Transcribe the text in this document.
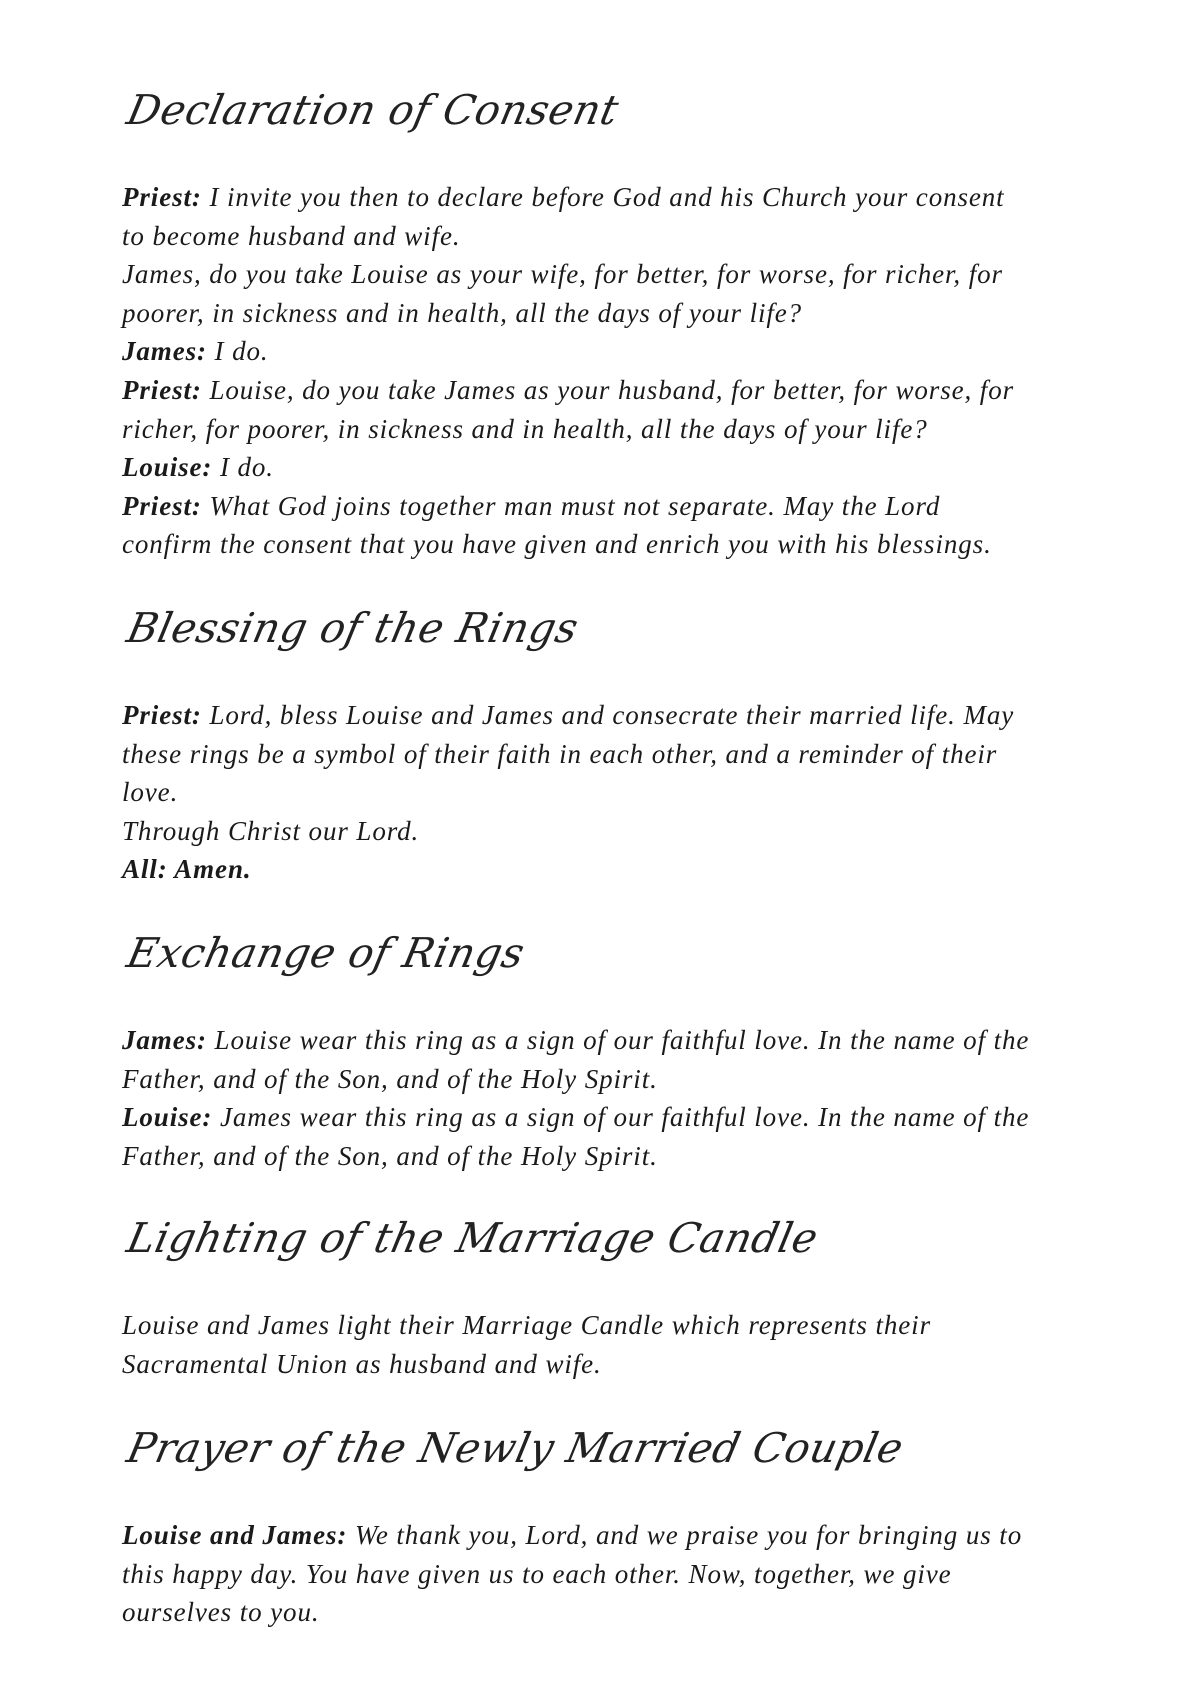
Declaration of Consent
Priest: I invite you then to declare before God and his Church your consent
to become husband and wife.
James, do you take Louise as your wife, for better, for worse, for richer, for
poorer, in sickness and in health, all the days of your life?
James: I do.
Priest: Louise, do you take James as your husband, for better, for worse, for
richer, for poorer, in sickness and in health, all the days of your life?
Louise: I do.
Priest: What God joins together man must not separate. May the Lord
confirm the consent that you have given and enrich you with his blessings.
Blessing of the Rings
Priest: Lord, bless Louise and James and consecrate their married life. May
these rings be a symbol of their faith in each other, and a reminder of their
love.
Through Christ our Lord.
All: Amen.
Exchange of Rings
James: Louise wear this ring as a sign of our faithful love. In the name of the
Father, and of the Son, and of the Holy Spirit.
Louise: James wear this ring as a sign of our faithful love. In the name of the
Father, and of the Son, and of the Holy Spirit.
Lighting of the Marriage Candle
Louise and James light their Marriage Candle which represents their
Sacramental Union as husband and wife.
Prayer of the Newly Married Couple
Louise and James: We thank you, Lord, and we praise you for bringing us to
this happy day. You have given us to each other. Now, together, we give
ourselves to you.
